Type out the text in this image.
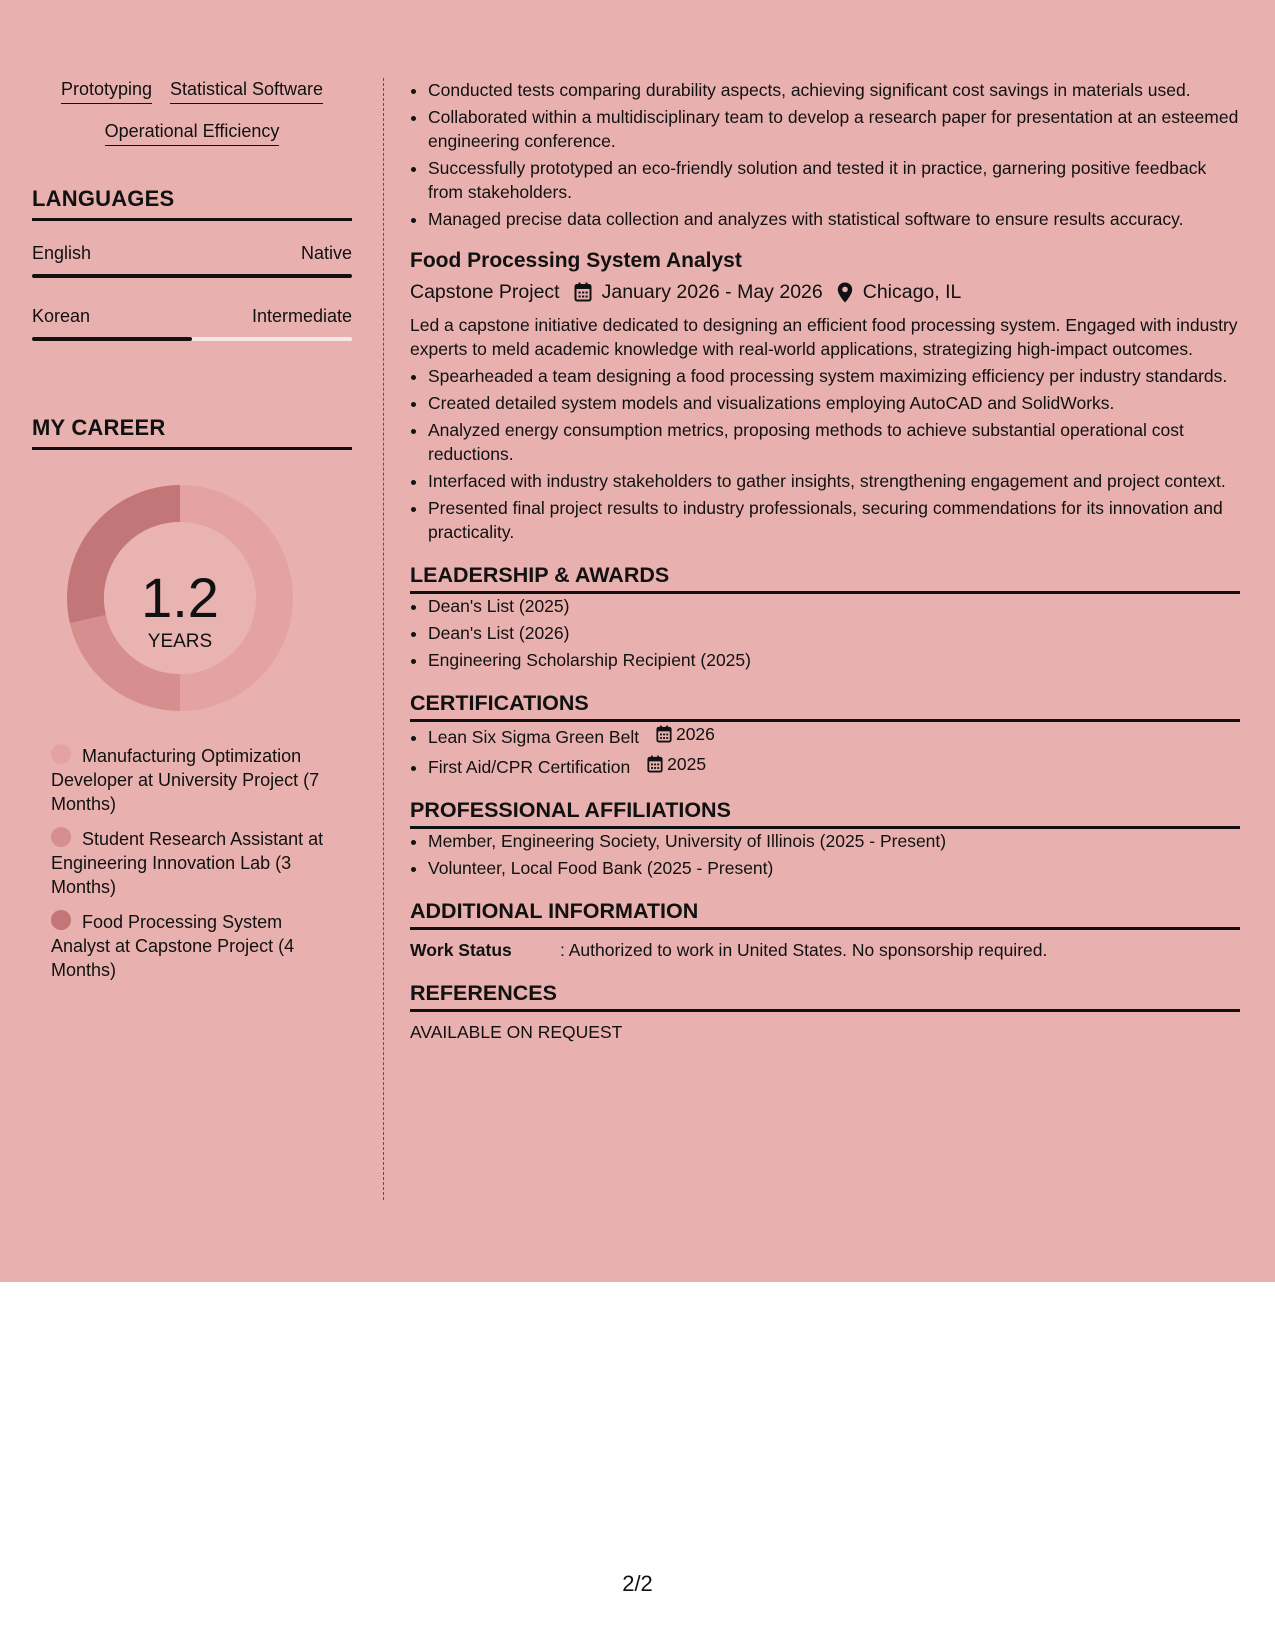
Prototyping Statistical Software
Operational Efficiency
LANGUAGES
English	Native
Korean	Intermediate
MY CAREER
1.2
YEARS
Manufacturing Optimization Developer at University Project (7 Months)
Student Research Assistant at Engineering Innovation Lab (3 Months)
Food Processing System Analyst at Capstone Project (4 Months)
• Conducted tests comparing durability aspects, achieving significant cost savings in materials used.
• Collaborated within a multidisciplinary team to develop a research paper for presentation at an esteemed engineering conference.
• Successfully prototyped an eco-friendly solution and tested it in practice, garnering positive feedback from stakeholders.
• Managed precise data collection and analyzes with statistical software to ensure results accuracy.
Food Processing System Analyst
Capstone Project January 2026 - May 2026 Chicago, IL
Led a capstone initiative dedicated to designing an efficient food processing system. Engaged with industry experts to meld academic knowledge with real-world applications, strategizing high-impact outcomes.
• Spearheaded a team designing a food processing system maximizing efficiency per industry standards.
• Created detailed system models and visualizations employing AutoCAD and SolidWorks.
• Analyzed energy consumption metrics, proposing methods to achieve substantial operational cost reductions.
• Interfaced with industry stakeholders to gather insights, strengthening engagement and project context.
• Presented final project results to industry professionals, securing commendations for its innovation and practicality.
LEADERSHIP & AWARDS
• Dean's List (2025)
• Dean's List (2026)
• Engineering Scholarship Recipient (2025)
CERTIFICATIONS
• Lean Six Sigma Green Belt 2026
• First Aid/CPR Certification 2025
PROFESSIONAL AFFILIATIONS
• Member, Engineering Society, University of Illinois (2025 - Present)
• Volunteer, Local Food Bank (2025 - Present)
ADDITIONAL INFORMATION
Work Status	: Authorized to work in United States. No sponsorship required.
REFERENCES
AVAILABLE ON REQUEST
2/2
